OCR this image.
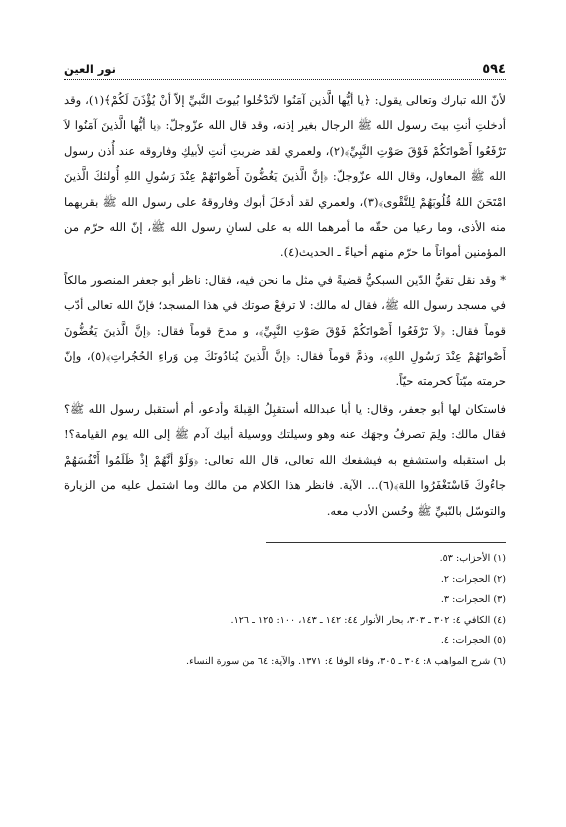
٥٩٤
نور العين

لأنّ الله تبارك وتعالى يقول: ﴿يا أيُّها الَّذين آمَنُوا لاَتَدْخُلوا بُيوتَ النَّبيِّ إلاّ أنْ يُؤْذَنَ لَكُمْ﴾(١)، وقد أدخلتِ أنتِ بيتَ رسول الله ﷺ الرجال بغير إذنه، وقد قال الله عزّوجلّ: ﴿يا أيُّها الَّذينَ آمَنُوا لاَ تَرْفَعُوا أَصْواتَكُمْ فَوْقَ صَوْتِ النَّبِيِّ﴾(٢)، ولعمري لقد ضربتِ أنتِ لأبيكِ وفاروقه عند أُذن رسول الله ﷺ المعاول، وقال الله عزّوجلّ: ﴿إنَّ الَّذينَ يَغُضُّونَ أَصْواتَهُمْ عِنْدَ رَسُولِ اللهِ أُولئكَ الَّذينَ امْتَحَنَ اللهُ قُلُوبَهُمْ لِلتَّقْوى﴾(٣)، ولعمري لقد أدخَلَ أبوك وفاروقهُ على رسول الله ﷺ بقربهما منه الأذى، وما رعيا من حقّه ما أمرهما الله به على لسانِ رسول الله ﷺ، إنّ الله حرّم من المؤمنين أمواتاً ما حرّم منهم أحياءً ـ الحديث(٤).

* وقد نقل تقيُّ الدّين السبكيُّ قضيةً في مثل ما نحن فيه، فقال: ناظر أبو جعفر المنصور مالكاً في مسجد رسول الله ﷺ، فقال له مالك: لا ترفعْ صوتك في هذا المسجد؛ فإنّ الله تعالى أدّب قوماً فقال: ﴿لاَ تَرْفَعُوا أَصْواتَكُمْ فَوْقَ صَوْتِ النَّبِيِّ﴾، و مدحَ قوماً فقال: ﴿إنَّ الَّذينَ يَغُضُّونَ أَصْواتَهُمْ عِنْدَ رَسُولِ اللهِ﴾، وذمَّ قوماً فقال: ﴿إنَّ الَّذينَ يُنادُونَكَ مِن وَراءِ الحُجُراتِ﴾(٥)، وإنّ حرمته ميّتاً كحرمته حيّاً.

فاستكان لها أبو جعفر، وقال: يا أبا عبدالله أستقبِلُ القِبلةَ وأدعو، أم أستقبل رسول الله ﷺ؟ فقال مالك: ولِمَ تصرفُ وجهَك عنه وهو وسيلتك ووسيلة أبيك آدم ﷺ إلى الله يوم القيامة؟! بل استقبله واستشفع به فيشفعك الله تعالى، قال الله تعالى: ﴿وَلَوْ أنَّهُمْ إذْ ظَلَمُوا أَنْفُسَهُمْ جاءُوكَ فَاسْتَغْفَرُوا اللهَ﴾(٦)... الآية. فانظر هذا الكلام من مالك وما اشتمل عليه من الزيارة والتوسّل بالنّبيِّ ﷺ وحُسن الأدب معه.

(١) الأحزاب: ٥٣.
(٢) الحجرات: ٢.
(٣) الحجرات: ٣.
(٤) الكافي ٤: ٣٠٢ ـ ٣٠٣، بحار الأنوار ٤٤: ١٤٢ ـ ١٤٣، ١٠٠: ١٢٥ ـ ١٢٦.
(٥) الحجرات: ٤.
(٦) شرح المواهب ٨: ٣٠٤ ـ ٣٠٥، وفاء الوفا ٤: ١٣٧١. والآية: ٦٤ من سورة النساء.
